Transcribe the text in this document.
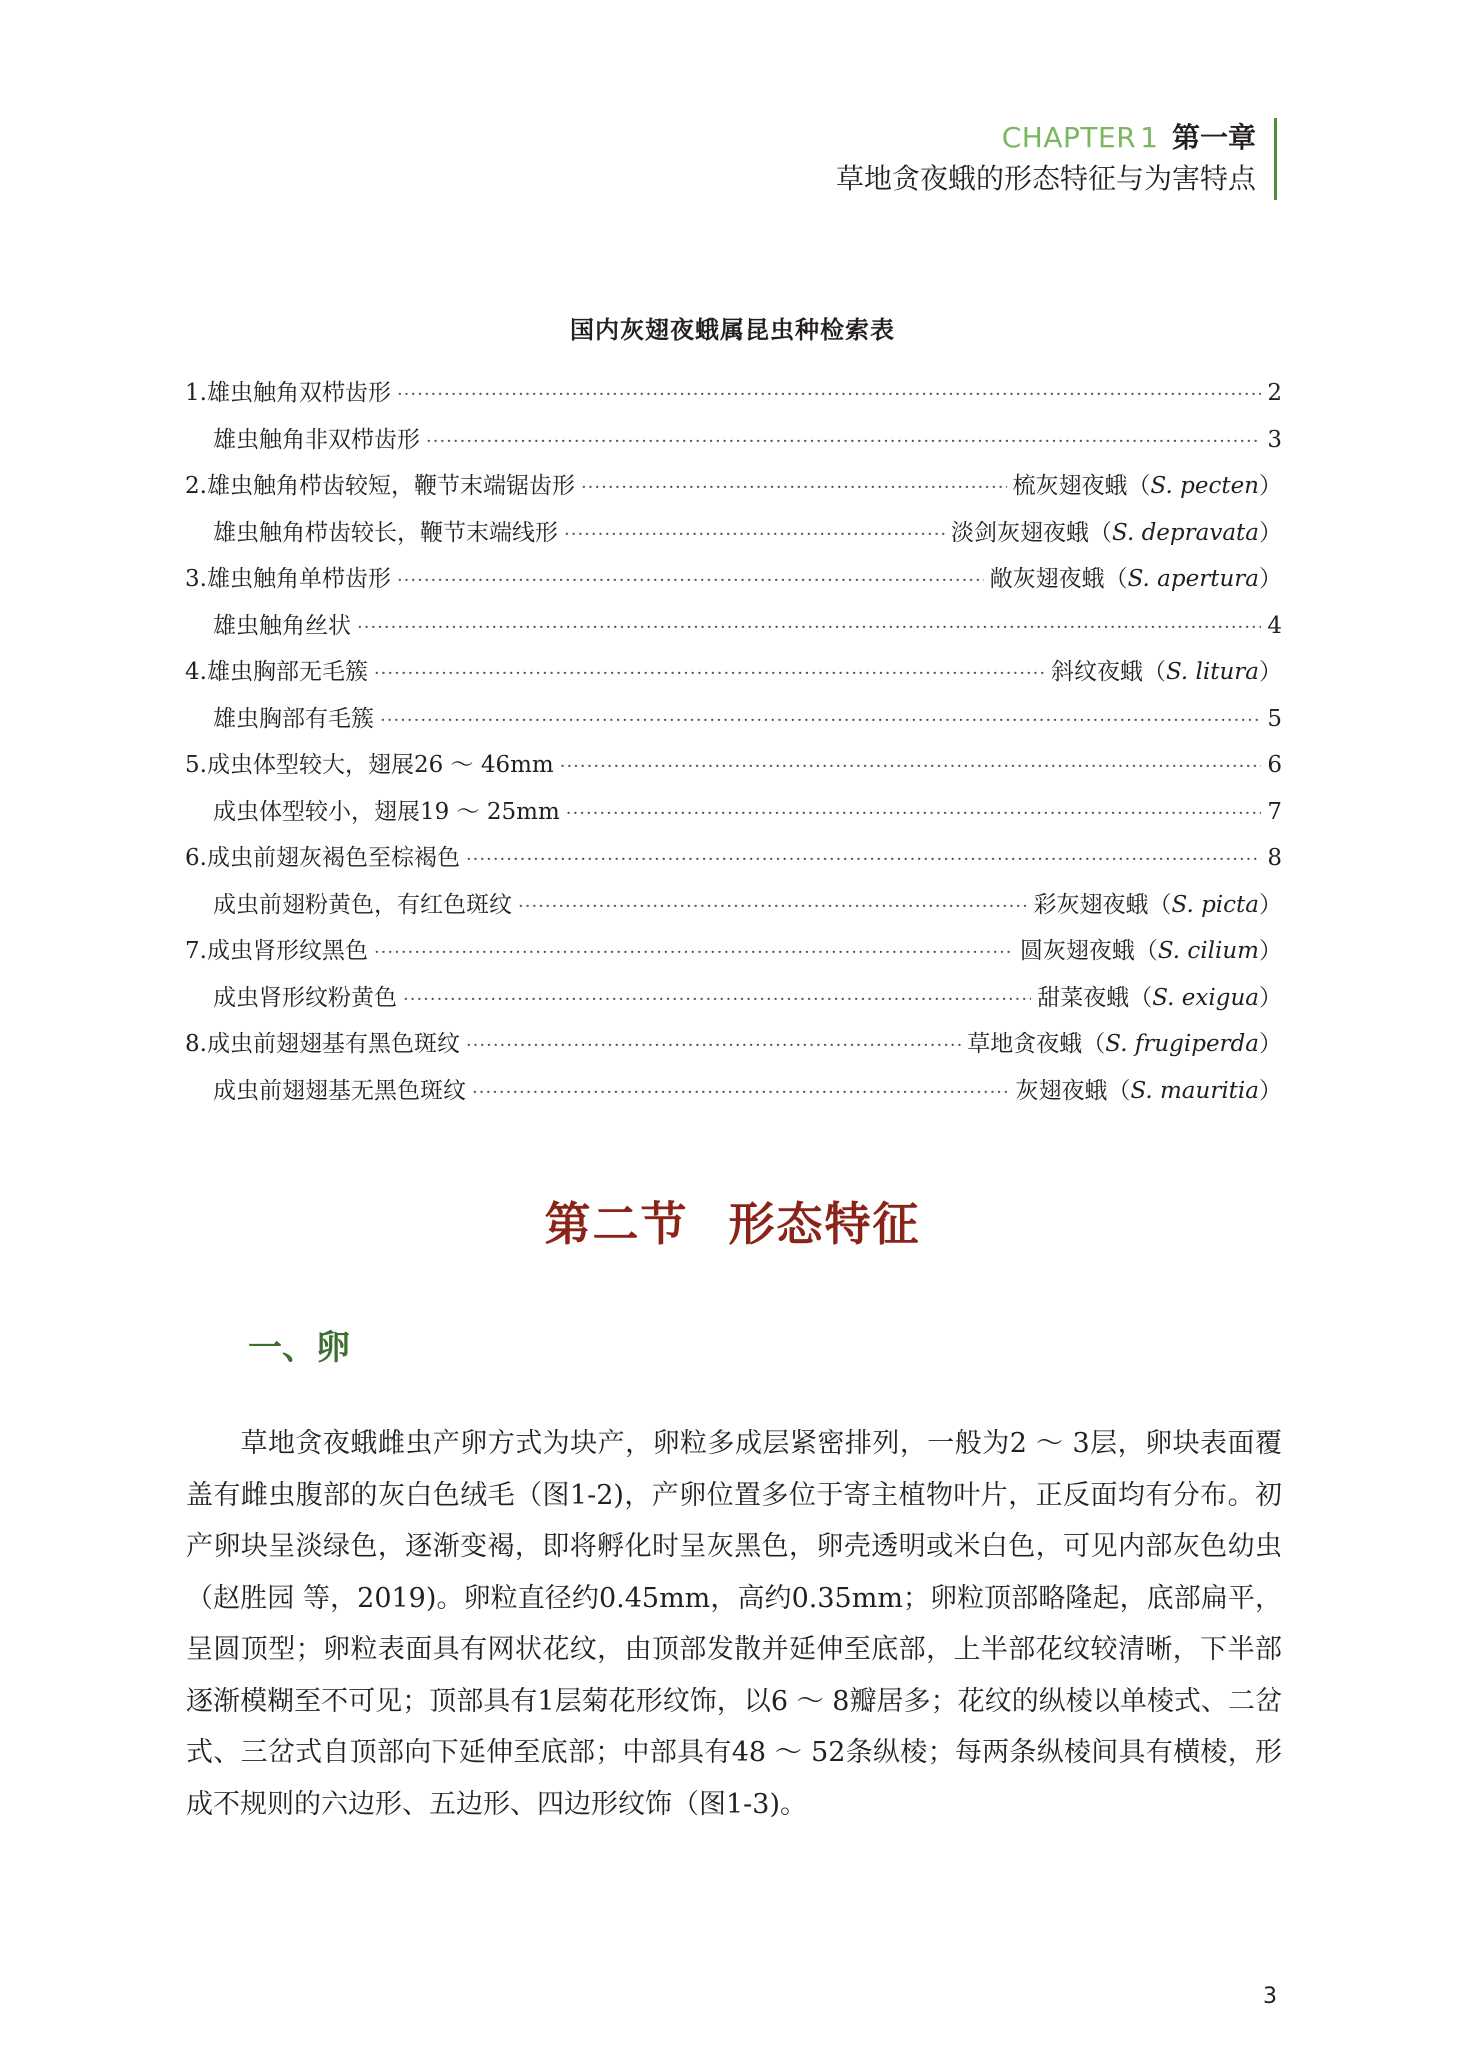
CHAPTER 1 第一章
草地贪夜蛾的形态特征与为害特点
国内灰翅夜蛾属昆虫种检索表
1.雄虫触角双栉齿形 ·····	2
雄虫触角非双栉齿形 ·····	3
2.雄虫触角栉齿较短，鞭节末端锯齿形 ·····	梳灰翅夜蛾（S. pecten）
雄虫触角栉齿较长，鞭节末端线形 ·····	淡剑灰翅夜蛾（S. depravata）
3.雄虫触角单栉齿形 ·····	敞灰翅夜蛾（S. apertura）
雄虫触角丝状 ·····	4
4.雄虫胸部无毛簇 ·····	斜纹夜蛾（S. litura）
雄虫胸部有毛簇 ·····	5
5.成虫体型较大，翅展26 ～ 46mm ·····	6
成虫体型较小，翅展19 ～ 25mm ·····	7
6.成虫前翅灰褐色至棕褐色 ·····	8
成虫前翅粉黄色，有红色斑纹 ·····	彩灰翅夜蛾（S. picta）
7.成虫肾形纹黑色 ·····	圆灰翅夜蛾（S. cilium）
成虫肾形纹粉黄色 ·····	甜菜夜蛾（S. exigua）
8.成虫前翅翅基有黑色斑纹 ·····	草地贪夜蛾（S. frugiperda）
成虫前翅翅基无黑色斑纹 ·····	灰翅夜蛾（S. mauritia）
第二节 形态特征
一、卵

草地贪夜蛾雌虫产卵方式为块产，卵粒多成层紧密排列，一般为2 ～ 3层，卵块表面覆盖有雌虫腹部的灰白色绒毛（图1-2)，产卵位置多位于寄主植物叶片，正反面均有分布。初产卵块呈淡绿色，逐渐变褐，即将孵化时呈灰黑色，卵壳透明或米白色，可见内部灰色幼虫（赵胜园 等，2019)。卵粒直径约0.45mm，高约0.35mm；卵粒顶部略隆起，底部扁平，呈圆顶型；卵粒表面具有网状花纹，由顶部发散并延伸至底部，上半部花纹较清晰，下半部逐渐模糊至不可见；顶部具有1层菊花形纹饰，以6 ～ 8瓣居多；花纹的纵棱以单棱式、二岔式、三岔式自顶部向下延伸至底部；中部具有48 ～ 52条纵棱；每两条纵棱间具有横棱，形成不规则的六边形、五边形、四边形纹饰（图1-3)。

3
